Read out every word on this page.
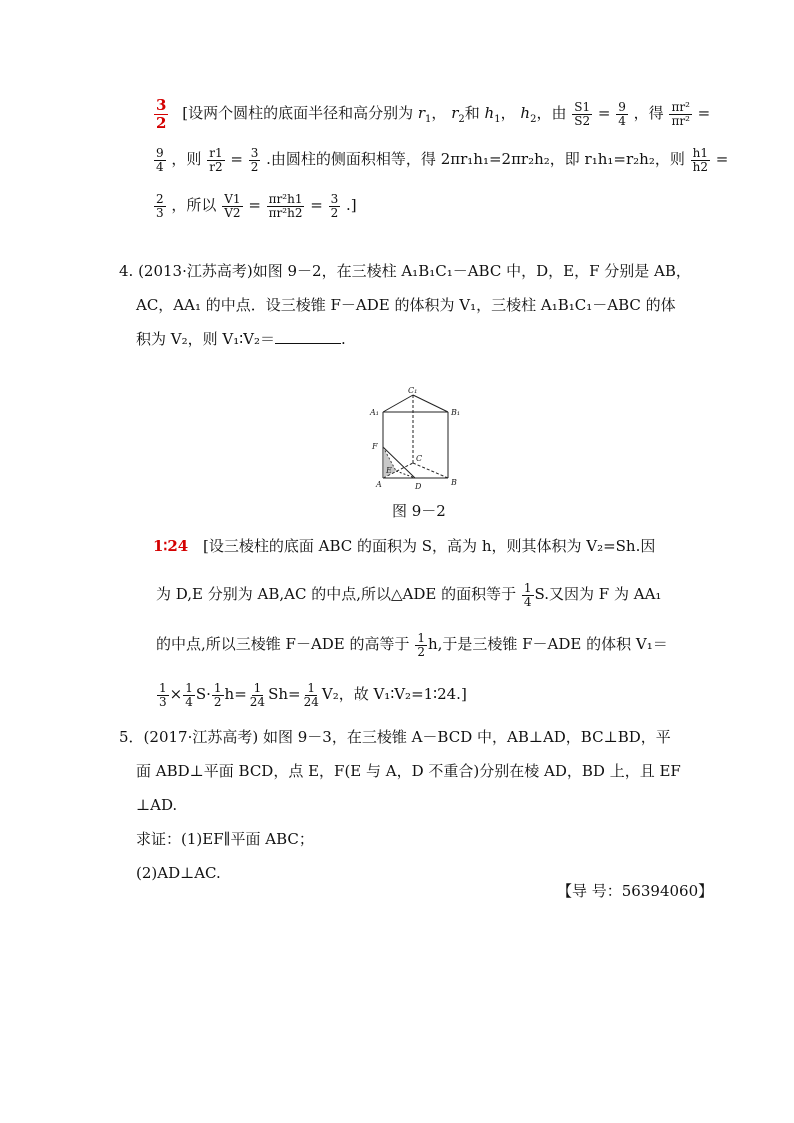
$\frac{3}{2}$ [设两个圆柱的底面半径和高分别为 $r_1$， $r_2$和 $h_1$， $h_2$，由 $\frac{S1}{S2} = \frac{9}{4}$ ，得 $\frac{\text{πr²}}{\text{πr²}}$ =
$\frac{9}{4}$ ，则 $\frac{r1}{r2} = \frac{3}{2}$ .由圆柱的侧面积相等，得 2πr₁h₁=2πr₂h₂，即 r₁h₁=r₂h₂，则 $\frac{h1}{h2}$ =
$\frac{2}{3}$ ，所以 $\frac{V1}{V2} = \frac{\text{πr²h1}}{\text{πr²h2}} = \frac{3}{2}$ .]
4. (2013·江苏高考)如图 9－2，在三棱柱 A₁B₁C₁－ABC 中，D，E，F 分别是 AB，
AC，AA₁ 的中点．设三棱锥 F－ADE 的体积为 V₁，三棱柱 A₁B₁C₁－ABC 的体
积为 V₂，则 V₁∶V₂＝	.
C₁
A₁	B₁
F
C
E
A	D	B
图 9－2
1∶24 [设三棱柱的底面 ABC 的面积为 S，高为 h，则其体积为 V₂=Sh.因
为 D,E 分别为 AB,AC 的中点,所以△ADE 的面积等于 $\frac{1}{4} S$.又因为 F 为 AA₁
的中点,所以三棱锥 F－ADE 的高等于 $\frac{1}{2} h$,于是三棱锥 F－ADE 的体积 V₁＝
$\frac{1}{3} \times \frac{1}{4} S\cdot \frac{1}{2} h= \frac{1}{24} Sh= \frac{1}{24} V_2$，故 V₁∶V₂=1∶24.]
5．(2017·江苏高考) 如图 9－3，在三棱锥 A－BCD 中，AB⊥AD，BC⊥BD，平
面 ABD⊥平面 BCD，点 E，F(E 与 A，D 不重合)分别在棱 AD，BD 上，且 EF
⊥AD.
求证：(1)EF∥平面 ABC；
(2)AD⊥AC.
【导 号：56394060】
